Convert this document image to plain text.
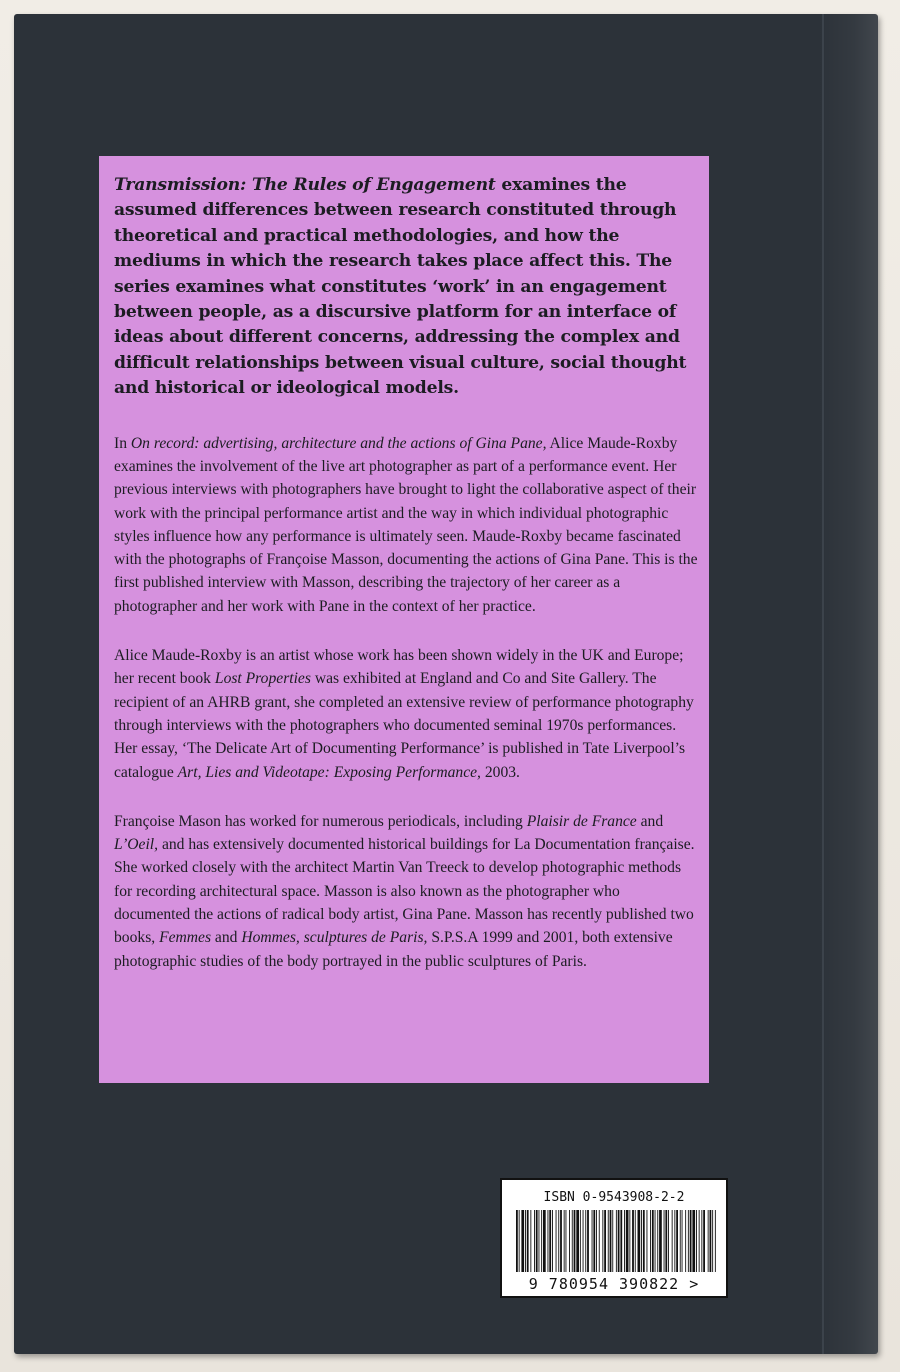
Transmission: The Rules of Engagement examines the assumed differences between research constituted through theoretical and practical methodologies, and how the mediums in which the research takes place affect this. The series examines what constitutes ‘work’ in an engagement between people, as a discursive platform for an interface of ideas about different concerns, addressing the complex and difficult relationships between visual culture, social thought and historical or ideological models.

In On record: advertising, architecture and the actions of Gina Pane, Alice Maude-Roxby examines the involvement of the live art photographer as part of a performance event. Her previous interviews with photographers have brought to light the collaborative aspect of their work with the principal performance artist and the way in which individual photographic styles influence how any performance is ultimately seen. Maude-Roxby became fascinated with the photographs of Françoise Masson, documenting the actions of Gina Pane. This is the first published interview with Masson, describing the trajectory of her career as a photographer and her work with Pane in the context of her practice.

Alice Maude-Roxby is an artist whose work has been shown widely in the UK and Europe; her recent book Lost Properties was exhibited at England and Co and Site Gallery. The recipient of an AHRB grant, she completed an extensive review of performance photography through interviews with the photographers who documented seminal 1970s performances. Her essay, ‘The Delicate Art of Documenting Performance’ is published in Tate Liverpool’s catalogue Art, Lies and Videotape: Exposing Performance, 2003.

Françoise Mason has worked for numerous periodicals, including Plaisir de France and L’Oeil, and has extensively documented historical buildings for La Documentation française. She worked closely with the architect Martin Van Treeck to develop photographic methods for recording architectural space. Masson is also known as the photographer who documented the actions of radical body artist, Gina Pane. Masson has recently published two books, Femmes and Hommes, sculptures de Paris, S.P.S.A 1999 and 2001, both extensive photographic studies of the body portrayed in the public sculptures of Paris.

ISBN 0-9543908-2-2
9 780954 390822 >
